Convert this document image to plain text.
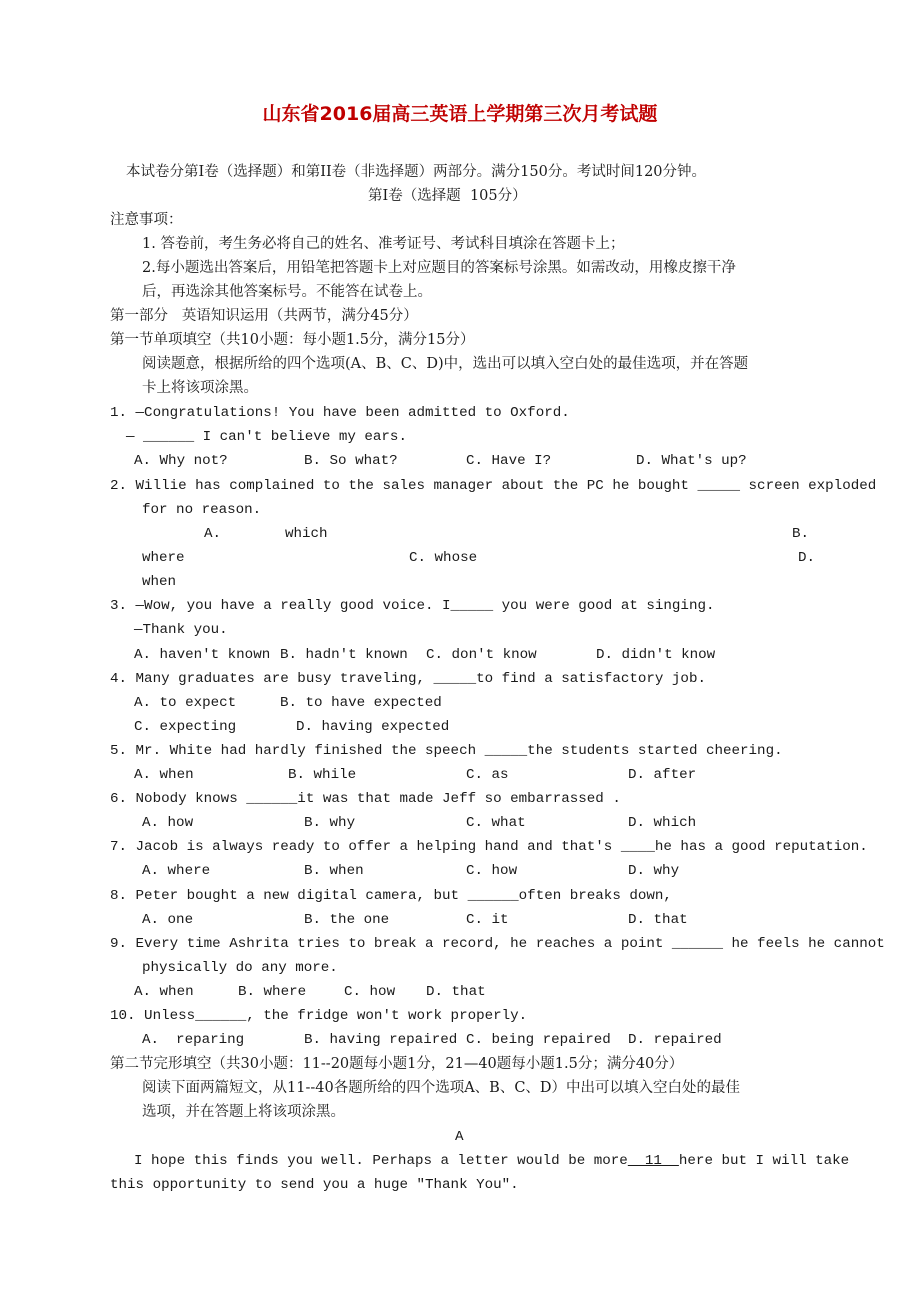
山东省2016届高三英语上学期第三次月考试题
本试卷分第I卷（选择题）和第II卷（非选择题）两部分。满分150分。考试时间120分钟。
第I卷（选择题  105分）
注意事项：
1. 答卷前，考生务必将自己的姓名、准考证号、考试科目填涂在答题卡上；
2.每小题选出答案后，用铅笔把答题卡上对应题目的答案标号涂黑。如需改动，用橡皮擦干净
后，再选涂其他答案标号。不能答在试卷上。
第一部分   英语知识运用（共两节，满分45分）
第一节单项填空（共10小题：每小题1.5分，满分15分）
阅读题意，根据所给的四个选项(A、B、C、D)中，选出可以填入空白处的最佳选项，并在答题
卡上将该项涂黑。
1. —Congratulations! You have been admitted to Oxford.
— ______ I can't believe my ears.
A. Why not?	B. So what?	C. Have I?	D. What's up?
2. Willie has complained to the sales manager about the PC he bought _____ screen exploded
for no reason.
A.	which	B.
where	C. whose	D.
when
3. —Wow, you have a really good voice. I_____ you were good at singing.
—Thank you.
A. haven't known B. hadn't known C. don't know	D. didn't know
4. Many graduates are busy traveling, _____to find a satisfactory job.
A. to expect	B. to have expected
C. expecting	D. having expected
5. Mr. White had hardly finished the speech _____the students started cheering.
A. when	B. while	C. as	D. after
6. Nobody knows ______it was that made Jeff so embarrassed .
A. how	B. why	C. what	D. which
7. Jacob is always ready to offer a helping hand and that's ____he has a good reputation.
A. where	B. when	C. how	D. why
8. Peter bought a new digital camera, but ______often breaks down,
A. one	B. the one	C. it	D. that
9. Every time Ashrita tries to break a record, he reaches a point ______ he feels he cannot
physically do any more.
A. when	B. where	C. how D. that
10. Unless______, the fridge won't work properly.
A.  reparing	B. having repaired C. being repaired D. repaired
第二节完形填空（共30小题：11--20题每小题1分，21—40题每小题1.5分；满分40分）
阅读下面两篇短文，从11--40各题所给的四个选项A、B、C、D）中出可以填入空白处的最佳
选项，并在答题上将该项涂黑。
A
I hope this finds you well. Perhaps a letter would be more  11  here but I will take
this opportunity to send you a huge "Thank You".
